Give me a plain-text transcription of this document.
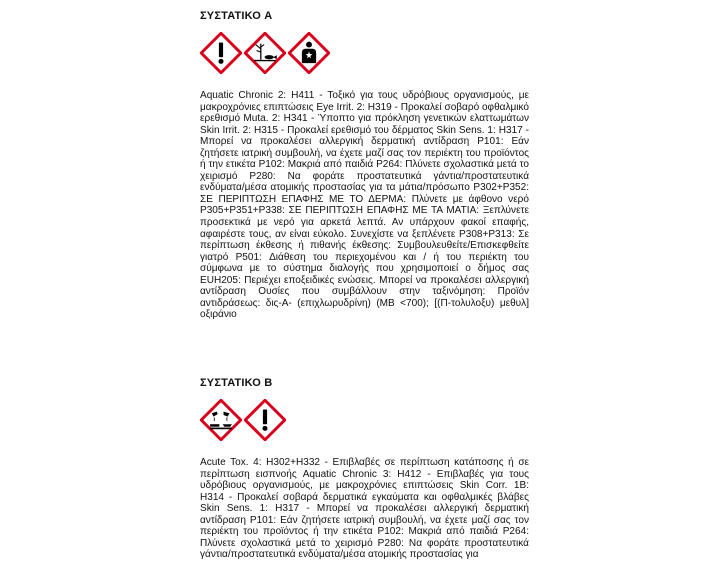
ΣΥΣΤΑΤΙΚΟ A

Aquatic Chronic 2: H411 - Τοξικό για τους υδρόβιους οργανισμούς, με μακροχρόνιες επιπτώσεις Eye Irrit. 2: H319 - Προκαλεί σοβαρό οφθαλμικό ερεθισμό Muta. 2: H341 - Ύποπτο για πρόκληση γενετικών ελαττωμάτων Skin Irrit. 2: H315 - Προκαλεί ερεθισμό του δέρματος Skin Sens. 1: H317 - Μπορεί να προκαλέσει αλλεργική δερματική αντίδραση P101: Εάν ζητήσετε ιατρική συμβουλή, να έχετε μαζί σας τον περιέκτη του προϊόντος ή την ετικέτα P102: Μακριά από παιδιά P264: Πλύνετε σχολαστικά μετά το χειρισμό P280: Να φοράτε προστατευτικά γάντια/προστατευτικά ενδύματα/μέσα ατομικής προστασίας για τα μάτια/πρόσωπο P302+P352: ΣΕ ΠΕΡΙΠΤΩΣΗ ΕΠΑΦΗΣ ΜΕ ΤΟ ΔΕΡΜΑ: Πλύνετε με άφθονο νερό P305+P351+P338: ΣΕ ΠΕΡΙΠΤΩΣΗ ΕΠΑΦΗΣ ΜΕ ΤΑ ΜΑΤΙΑ: Ξεπλύνετε προσεκτικά με νερό για αρκετά λεπτά. Αν υπάρχουν φακοί επαφής, αφαιρέστε τους, αν είναι εύκολο. Συνεχίστε να ξεπλένετε P308+P313: Σε περίπτωση έκθεσης ή πιθανής έκθεσης: Συμβουλευθείτε/Επισκεφθείτε γιατρό P501: Διάθεση του περιεχομένου και / ή του περιέκτη του σύμφωνα με το σύστημα διαλογής που χρησιμοποιεί ο δήμος σας EUH205: Περιέχει εποξειδικές ενώσεις. Μπορεί να προκαλέσει αλλεργική αντίδραση Ουσίες που συμβάλλουν στην ταξινόμηση: Προϊόν αντιδράσεως: δις-A- (επιχλωρυδρίνη) (MB <700); [(Π-τολυλοξυ) μεθυλ] οξιράνιο

ΣΥΣΤΑΤΙΚΟ B

Acute Tox. 4: H302+H332 - Επιβλαβές σε περίπτωση κατάποσης ή σε περίπτωση εισπνοής Aquatic Chronic 3: H412 - Επιβλαβές για τους υδρόβιους οργανισμούς, με μακροχρόνιες επιπτώσεις Skin Corr. 1B: H314 - Προκαλεί σοβαρά δερματικά εγκαύματα και οφθαλμικές βλάβες Skin Sens. 1: H317 - Μπορεί να προκαλέσει αλλεργική δερματική αντίδραση P101: Εάν ζητήσετε ιατρική συμβουλή, να έχετε μαζί σας τον περιέκτη του προϊόντος ή την ετικέτα P102: Μακριά από παιδιά P264: Πλύνετε σχολαστικά μετά το χειρισμό P280: Να φοράτε προστατευτικά γάντια/προστατευτικά ενδύματα/μέσα ατομικής προστασίας για
